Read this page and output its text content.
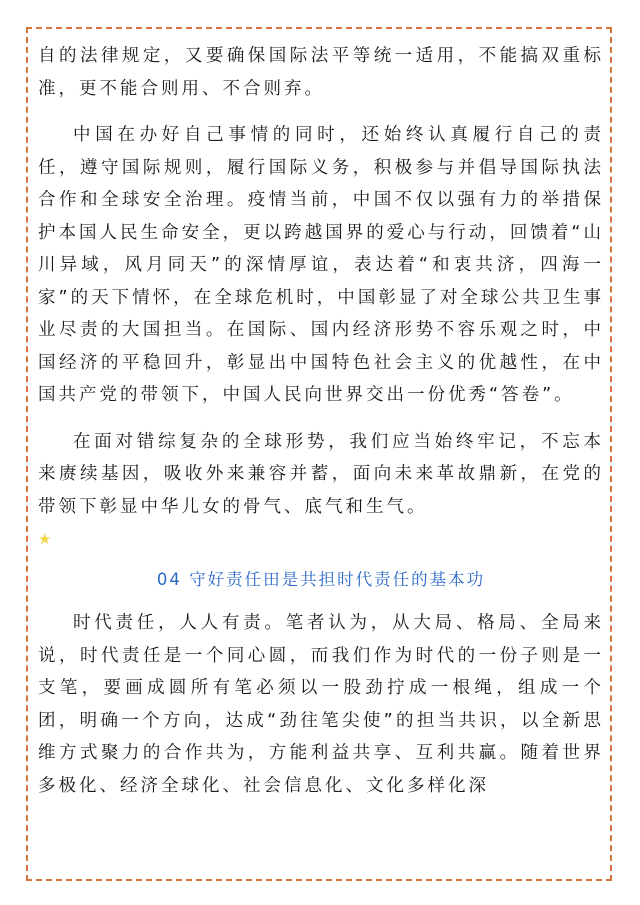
自的法律规定，又要确保国际法平等统一适用，不能搞双重标准，更不能合则用、不合则弃。

中国在办好自己事情的同时，还始终认真履行自己的责任，遵守国际规则，履行国际义务，积极参与并倡导国际执法合作和全球安全治理。疫情当前，中国不仅以强有力的举措保护本国人民生命安全，更以跨越国界的爱心与行动，回馈着“山川异域，风月同天”的深情厚谊，表达着“和衷共济，四海一家”的天下情怀，在全球危机时，中国彰显了对全球公共卫生事业尽责的大国担当。在国际、国内经济形势不容乐观之时，中国经济的平稳回升，彰显出中国特色社会主义的优越性，在中国共产党的带领下，中国人民向世界交出一份优秀“答卷”。

在面对错综复杂的全球形势，我们应当始终牢记，不忘本来赓续基因，吸收外来兼容并蓄，面向未来革故鼎新，在党的带领下彰显中华儿女的骨气、底气和生气。

★
04 守好责任田是共担时代责任的基本功

时代责任，人人有责。笔者认为，从大局、格局、全局来说，时代责任是一个同心圆，而我们作为时代的一份子则是一支笔，要画成圆所有笔必须以一股劲拧成一根绳，组成一个团，明确一个方向，达成“劲往笔尖使”的担当共识，以全新思维方式聚力的合作共为，方能利益共享、互利共赢。随着世界多极化、经济全球化、社会信息化、文化多样化深
